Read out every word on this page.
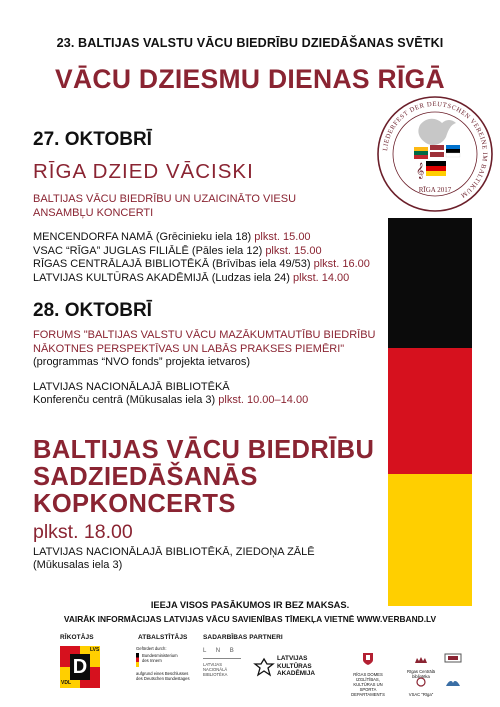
LIEDERFEST DER DEUTSCHEN VEREINE IM BALTIKUM
𝄞
RĪGA 2017
23. BALTIJAS VALSTU VĀCU BIEDRĪBU DZIEDĀŠANAS SVĒTKI
VĀCU DZIESMU DIENAS RĪGĀ
27. OKTOBRĪ
RĪGA DZIED VĀCISKI
BALTIJAS VĀCU BIEDRĪBU UN UZAICINĀTO VIESU
ANSAMBĻU KONCERTI
MENCENDORFA NAMĀ (Grēcinieku iela 18) plkst. 15.00
VSAC “RĪGA” JUGLAS FILIĀLĒ (Pāles iela 12) plkst. 15.00
RĪGAS CENTRĀLAJĀ BIBLIOTĒKĀ (Brīvības iela 49/53) plkst. 16.00
LATVIJAS KULTŪRAS AKADĒMIJĀ (Ludzas iela 24) plkst. 14.00
28. OKTOBRĪ
FORUMS "BALTIJAS VALSTU VĀCU MAZĀKUMTAUTĪBU BIEDRĪBU
NĀKOTNES PERSPEKTĪVAS UN LABĀS PRAKSES PIEMĒRI"
(programmas “NVO fonds” projekta ietvaros)
LATVIJAS NACIONĀLAJĀ BIBLIOTĒKĀ
Konferenču centrā (Mūkusalas iela 3) plkst. 10.00–14.00
BALTIJAS VĀCU BIEDRĪBU
SADZIEDĀŠANĀS
KOPKONCERTS
plkst. 18.00
LATVIJAS NACIONĀLAJĀ BIBLIOTĒKĀ, ZIEDOŅA ZĀLĒ
(Mūkusalas iela 3)
IEEJA VISOS PASĀKUMOS IR BEZ MAKSAS.
VAIRĀK INFORMĀCIJAS LATVIJAS VĀCU SAVIENĪBAS TĪMEKĻA VIETNĒ WWW.VERBAND.LV
RĪKOTĀJS	ATBALSTĪTĀJS SADARBĪBAS PARTNERI
D
LVS
VDL
Gefördert durch:
Bundesministerium des Innern
aufgrund eines Beschlusses des Deutschen Bundestages
L N B
LATVIJAS NACIONĀLĀ BIBLIOTĒKA
LATVIJAS
KULTŪRAS
AKADĒMIJA	RĪGAS DOMES IZGLĪTĪBAS, KULTŪRAS UN SPORTA DEPARTAMENTS
Rīgas Centrālā bibliotēka
VSAC "Rīga"
